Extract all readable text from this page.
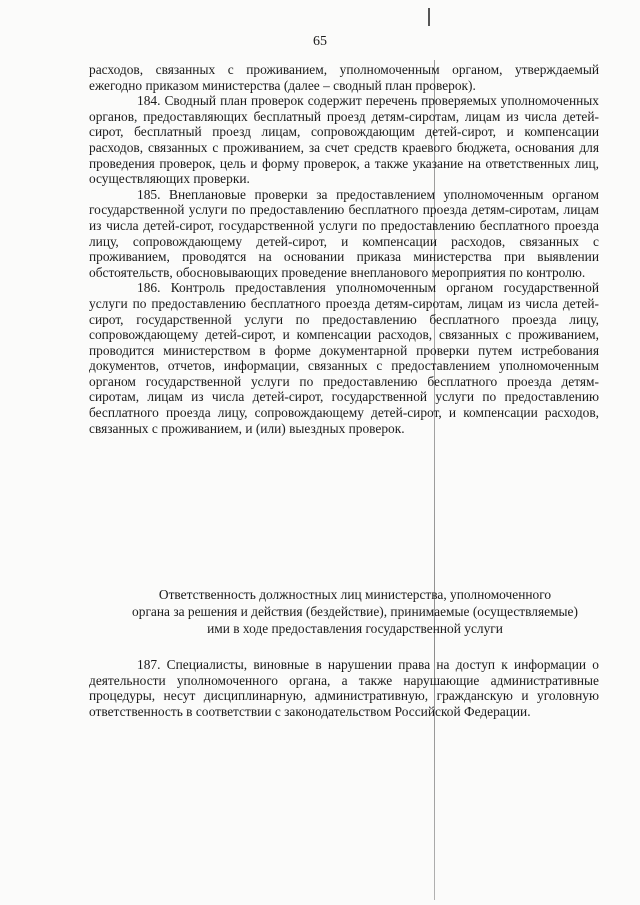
65

расходов, связанных с проживанием, уполномоченным органом, утверждаемый ежегодно приказом министерства (далее – сводный план проверок).

184. Сводный план проверок содержит перечень проверяемых уполномоченных органов, предоставляющих бесплатный проезд детям-сиротам, лицам из числа детей-сирот, бесплатный проезд лицам, сопровождающим детей-сирот, и компенсации расходов, связанных с проживанием, за счет средств краевого бюджета, основания для проведения проверок, цель и форму проверок, а также указание на ответственных лиц, осуществляющих проверки.

185. Внеплановые проверки за предоставлением уполномоченным органом государственной услуги по предоставлению бесплатного проезда детям-сиротам, лицам из числа детей-сирот, государственной услуги по предоставлению бесплатного проезда лицу, сопровождающему детей-сирот, и компенсации расходов, связанных с проживанием, проводятся на основании приказа министерства при выявлении обстоятельств, обосновывающих проведение внепланового мероприятия по контролю.

186. Контроль предоставления уполномоченным органом государственной услуги по предоставлению бесплатного проезда детям-сиротам, лицам из числа детей-сирот, государственной услуги по предоставлению бесплатного проезда лицу, сопровождающему детей-сирот, и компенсации расходов, связанных с проживанием, проводится министерством в форме документарной проверки путем истребования документов, отчетов, информации, связанных с предоставлением уполномоченным органом государственной услуги по предоставлению бесплатного проезда детям-сиротам, лицам из числа детей-сирот, государственной услуги по предоставлению бесплатного проезда лицу, сопровождающему детей-сирот, и компенсации расходов, связанных с проживанием, и (или) выездных проверок.

Ответственность должностных лиц министерства, уполномоченного
органа за решения и действия (бездействие), принимаемые (осуществляемые)
ими в ходе предоставления государственной услуги

187. Специалисты, виновные в нарушении права на доступ к информации о деятельности уполномоченного органа, а также нарушающие административные процедуры, несут дисциплинарную, административную, гражданскую и уголовную ответственность в соответствии с законодательством Российской Федерации.
